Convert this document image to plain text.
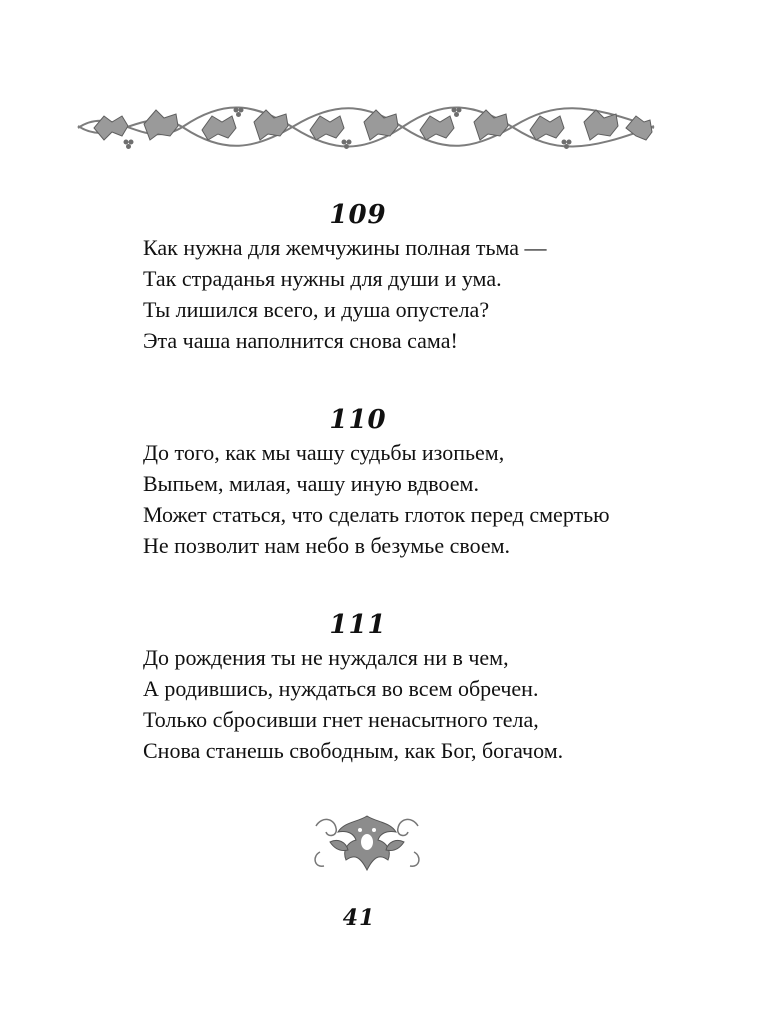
109
Как нужна для жемчужины полная тьма —
Так страданья нужны для души и ума.
Ты лишился всего, и душа опустела?
Эта чаша наполнится снова сама!
110
До того, как мы чашу судьбы изопьем,
Выпьем, милая, чашу иную вдвоем.
Может статься, что сделать глоток перед смертью
Не позволит нам небо в безумье своем.
111
До рождения ты не нуждался ни в чем,
А родившись, нуждаться во всем обречен.
Только сбросивши гнет ненасытного тела,
Снова станешь свободным, как Бог, богачом.
41
